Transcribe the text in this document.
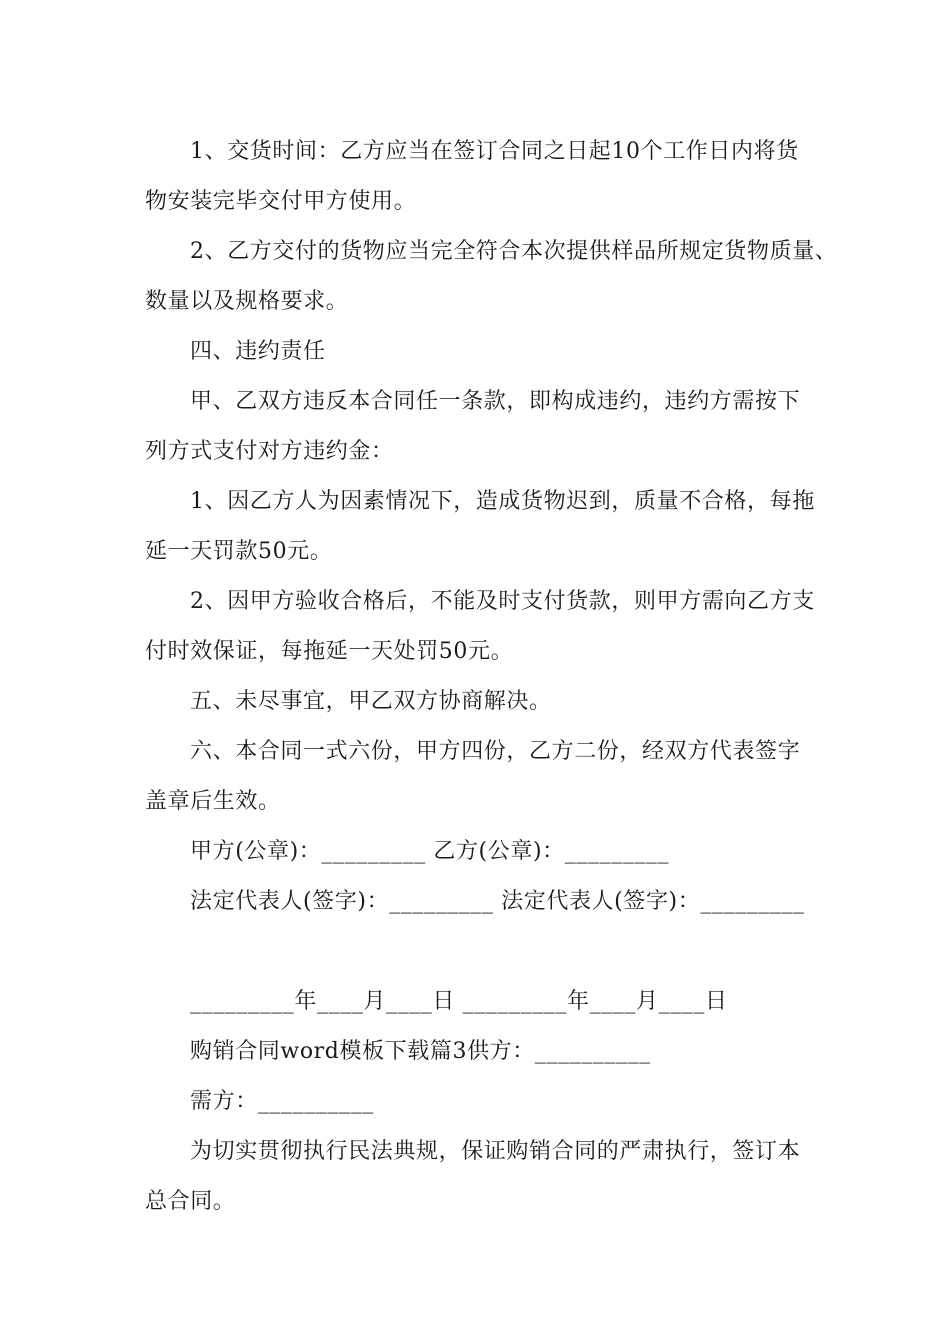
1、交货时间：乙方应当在签订合同之日起10个工作日内将货
物安装完毕交付甲方使用。
2、乙方交付的货物应当完全符合本次提供样品所规定货物质量、
数量以及规格要求。
四、违约责任
甲、乙双方违反本合同任一条款，即构成违约，违约方需按下
列方式支付对方违约金：
1、因乙方人为因素情况下，造成货物迟到，质量不合格，每拖
延一天罚款50元。
2、因甲方验收合格后，不能及时支付货款，则甲方需向乙方支
付时效保证，每拖延一天处罚50元。
五、未尽事宜，甲乙双方协商解决。
六、本合同一式六份，甲方四份，乙方二份，经双方代表签字
盖章后生效。
甲方(公章)：_________ 乙方(公章)：_________
法定代表人(签字)：_________ 法定代表人(签字)：_________
_________年____月____日 _________年____月____日
购销合同word模板下载篇3供方：__________
需方：__________
为切实贯彻执行民法典规，保证购销合同的严肃执行，签订本
总合同。
